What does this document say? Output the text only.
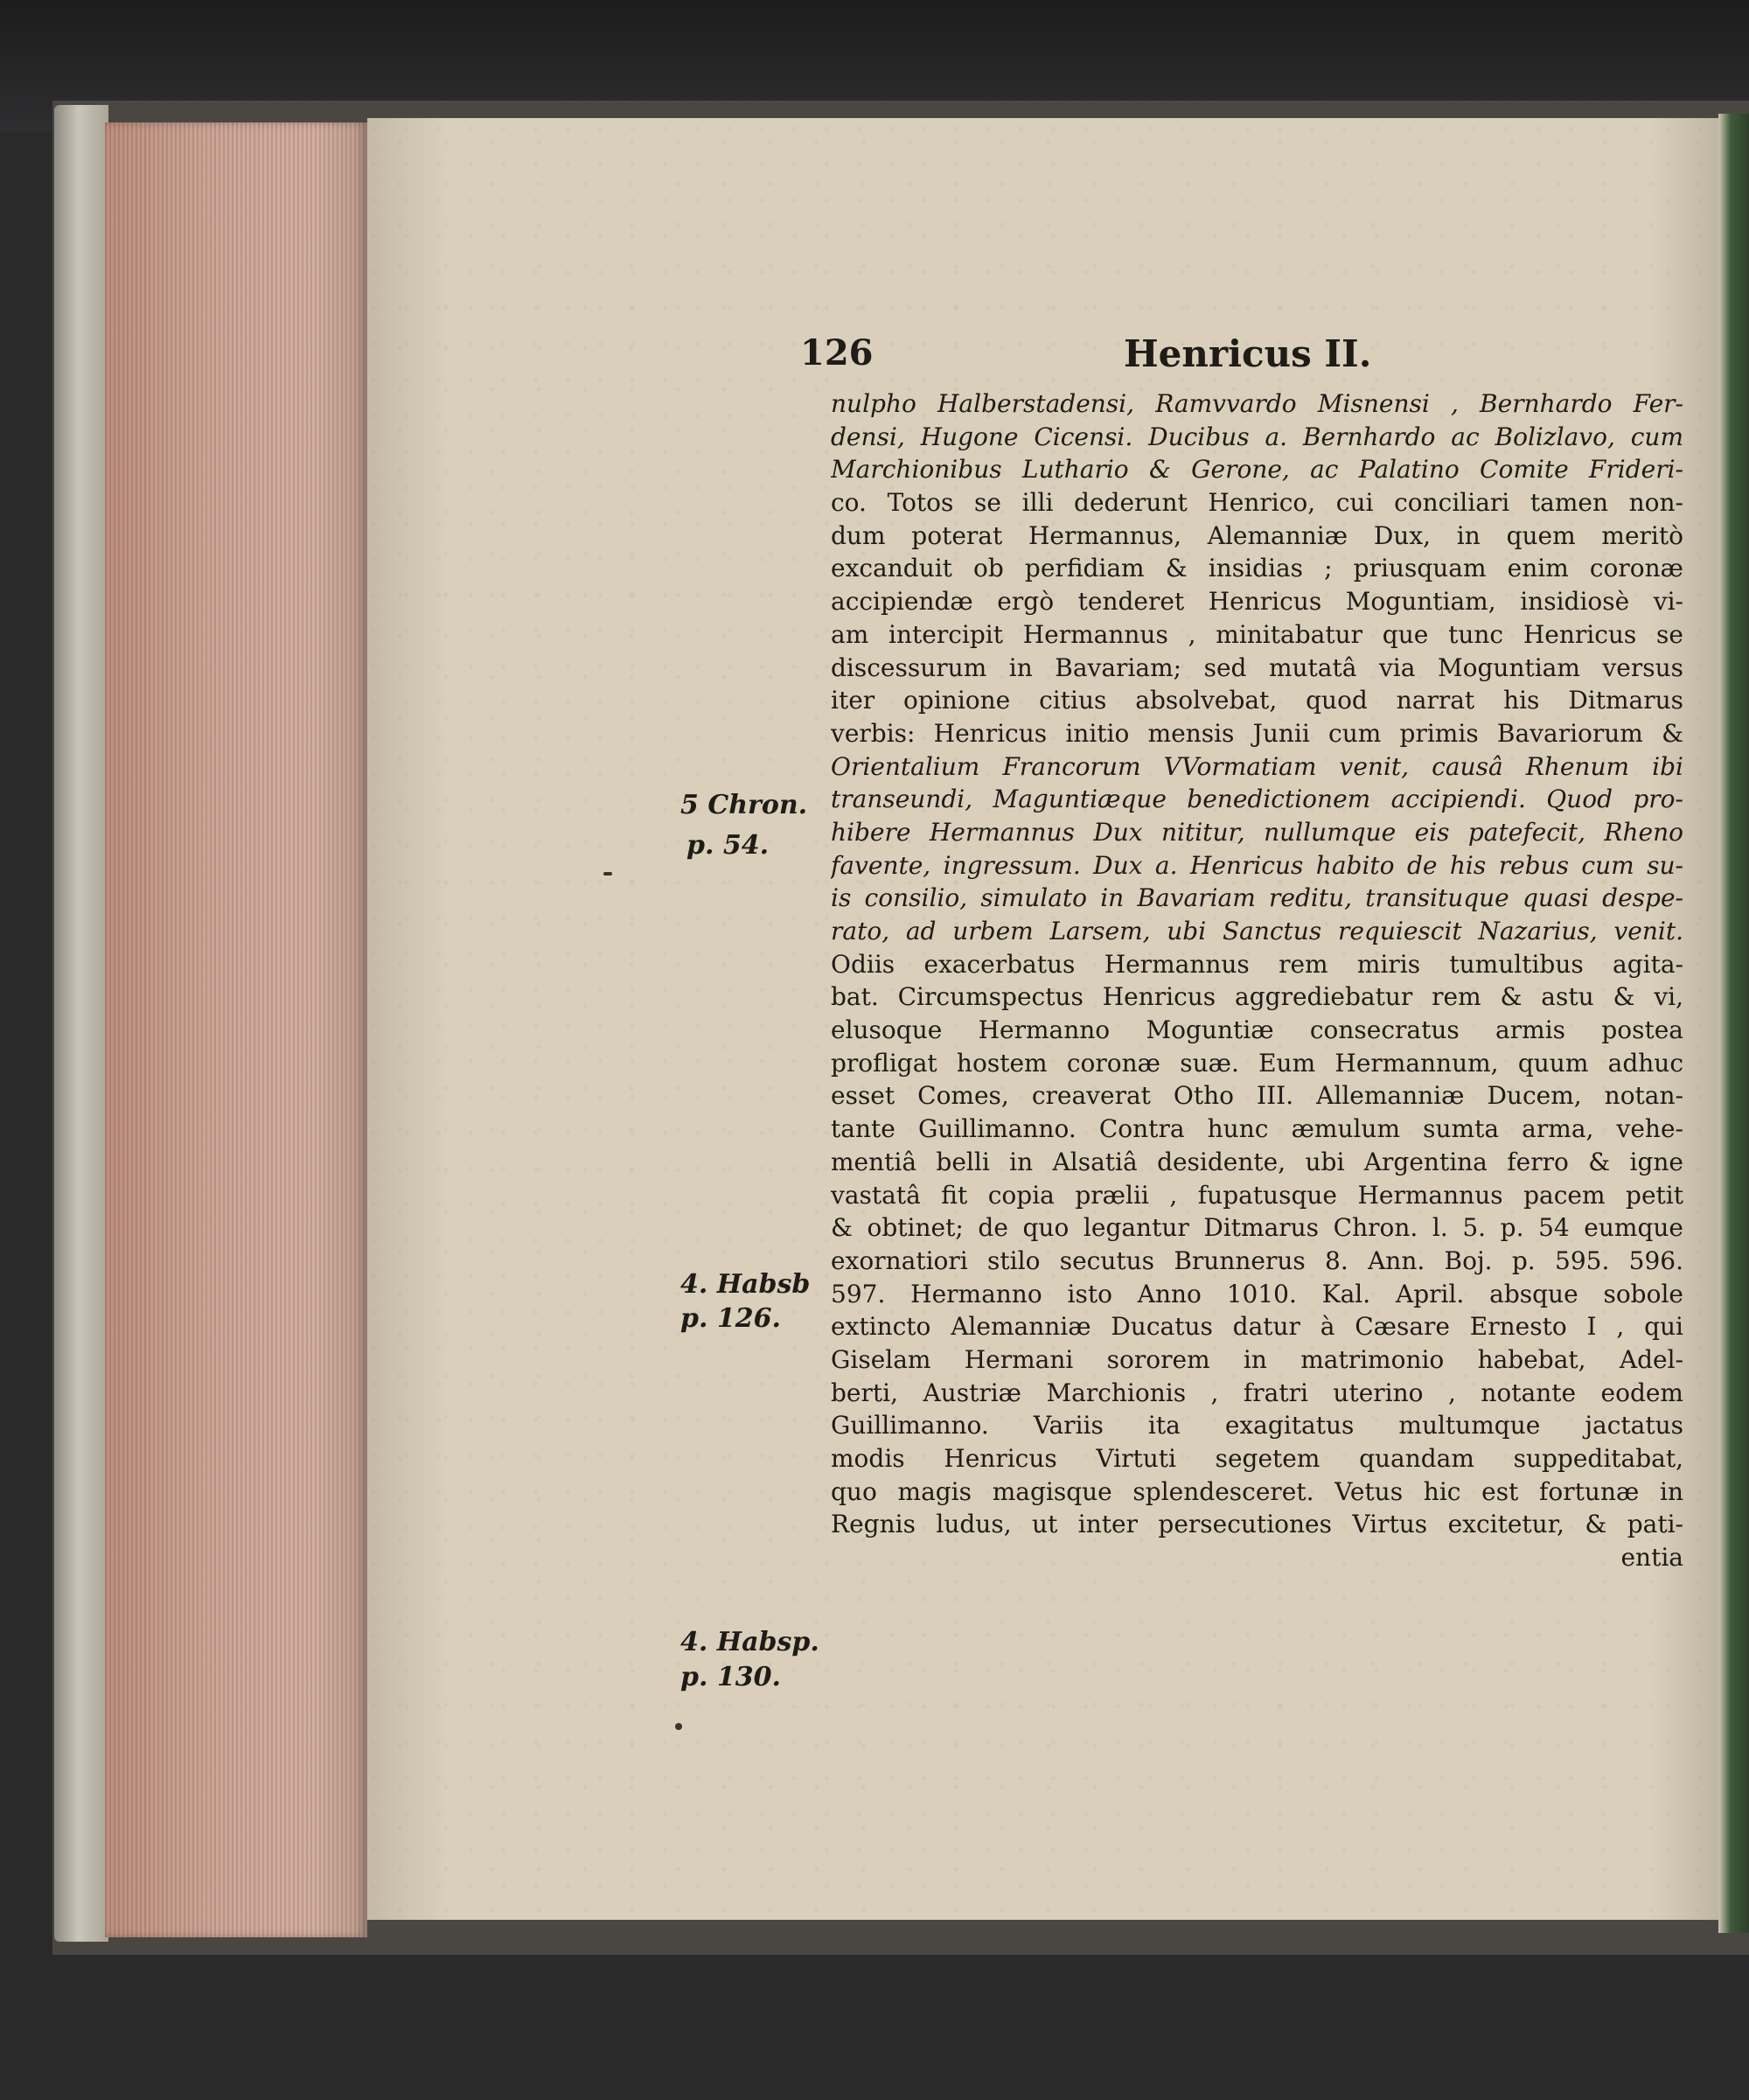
126	Henricus II.
nulpho Halberstadensi, Ramvvardo Misnensi , Bernhardo Fer-
densi, Hugone Cicensi. Ducibus a. Bernhardo ac Bolizlavo, cum
Marchionibus Luthario & Gerone, ac Palatino Comite Frideri-
co. Totos se illi dederunt Henrico, cui conciliari tamen non-
dum poterat Hermannus, Alemanniæ Dux, in quem meritò
excanduit ob perfidiam & insidias ; priusquam enim coronæ
accipiendæ ergò tenderet Henricus Moguntiam, insidiosè vi-
am intercipit Hermannus , minitabatur que tunc Henricus se
discessurum in Bavariam; sed mutatâ via Moguntiam versus
iter opinione citius absolvebat, quod narrat his Ditmarus
verbis: Henricus initio mensis Junii cum primis Bavariorum &
Orientalium Francorum VVormatiam venit, causâ Rhenum ibi
transeundi, Maguntiæque benedictionem accipiendi. Quod pro-
hibere Hermannus Dux nititur, nullumque eis patefecit, Rheno
favente, ingressum. Dux a. Henricus habito de his rebus cum su-
is consilio, simulato in Bavariam reditu, transituque quasi despe-
rato, ad urbem Larsem, ubi Sanctus requiescit Nazarius, venit.
Odiis exacerbatus Hermannus rem miris tumultibus agita-
bat. Circumspectus Henricus aggrediebatur rem & astu & vi,
elusoque Hermanno Moguntiæ consecratus armis postea
profligat hostem coronæ suæ. Eum Hermannum, quum adhuc
esset Comes, creaverat Otho III. Allemanniæ Ducem, notan-
tante Guillimanno. Contra hunc æmulum sumta arma, vehe-
mentiâ belli in Alsatiâ desidente, ubi Argentina ferro & igne
vastatâ fit copia prælii , fupatusque Hermannus pacem petit
& obtinet; de quo legantur Ditmarus Chron. l. 5. p. 54 eumque
exornatiori stilo secutus Brunnerus 8. Ann. Boj. p. 595. 596.
597. Hermanno isto Anno 1010. Kal. April. absque sobole
extincto Alemanniæ Ducatus datur à Cæsare Ernesto I , qui
Giselam Hermani sororem in matrimonio habebat, Adel-
berti, Austriæ Marchionis , fratri uterino , notante eodem
Guillimanno. Variis ita exagitatus multumque jactatus
modis Henricus Virtuti segetem quandam suppeditabat,
quo magis magisque splendesceret. Vetus hic est fortunæ in
Regnis ludus, ut inter persecutiones Virtus excitetur, & pati-
entia
5 Chron.
p. 54.
4. Habsb
p. 126.
4. Habsp.
p. 130.
